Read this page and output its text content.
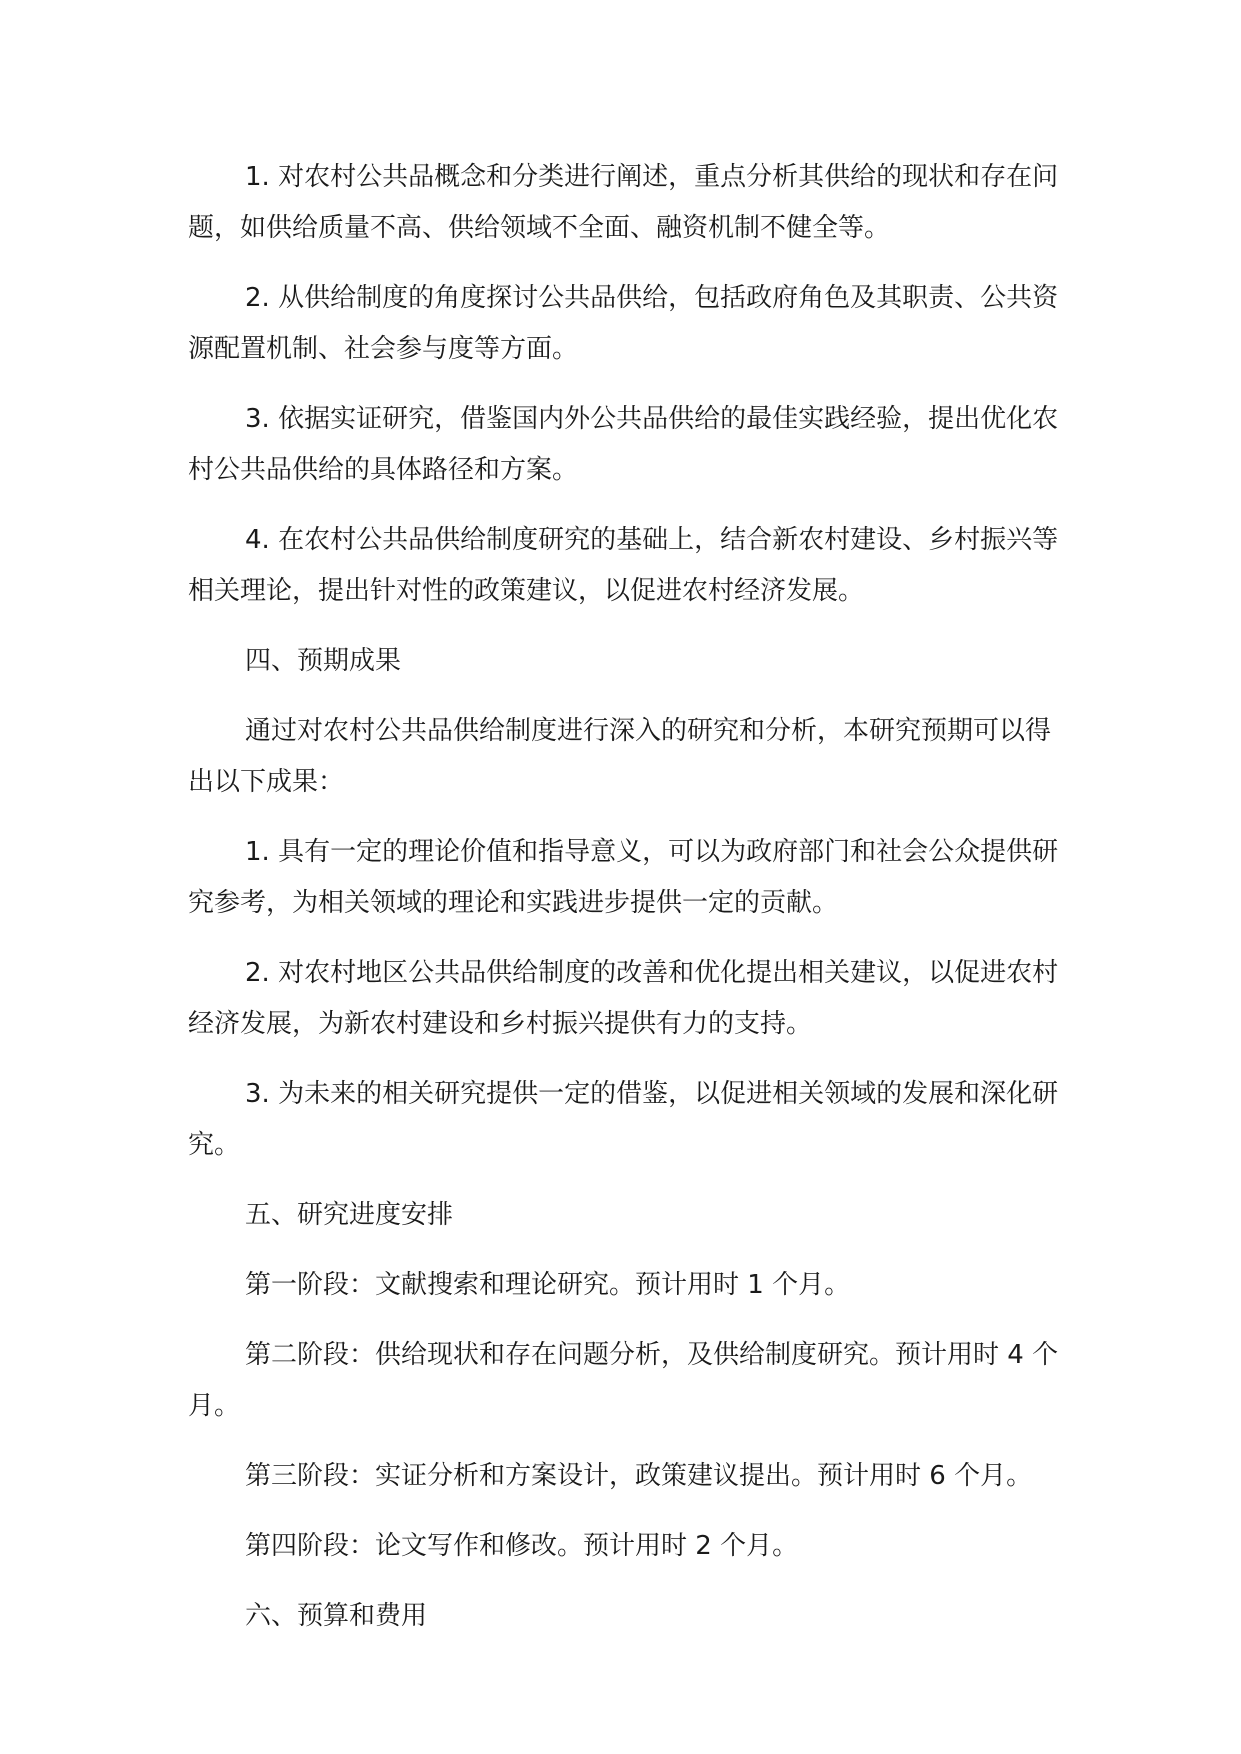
1. 对农村公共品概念和分类进行阐述，重点分析其供给的现状和存在问题，如供给质量不高、供给领域不全面、融资机制不健全等。

2. 从供给制度的角度探讨公共品供给，包括政府角色及其职责、公共资源配置机制、社会参与度等方面。

3. 依据实证研究，借鉴国内外公共品供给的最佳实践经验，提出优化农村公共品供给的具体路径和方案。

4. 在农村公共品供给制度研究的基础上，结合新农村建设、乡村振兴等相关理论，提出针对性的政策建议，以促进农村经济发展。

四、预期成果

通过对农村公共品供给制度进行深入的研究和分析，本研究预期可以得出以下成果：

1. 具有一定的理论价值和指导意义，可以为政府部门和社会公众提供研究参考，为相关领域的理论和实践进步提供一定的贡献。

2. 对农村地区公共品供给制度的改善和优化提出相关建议，以促进农村经济发展，为新农村建设和乡村振兴提供有力的支持。

3. 为未来的相关研究提供一定的借鉴，以促进相关领域的发展和深化研究。

五、研究进度安排

第一阶段：文献搜索和理论研究。预计用时 1 个月。

第二阶段：供给现状和存在问题分析，及供给制度研究。预计用时 4 个月。

第三阶段：实证分析和方案设计，政策建议提出。预计用时 6 个月。

第四阶段：论文写作和修改。预计用时 2 个月。

六、预算和费用
